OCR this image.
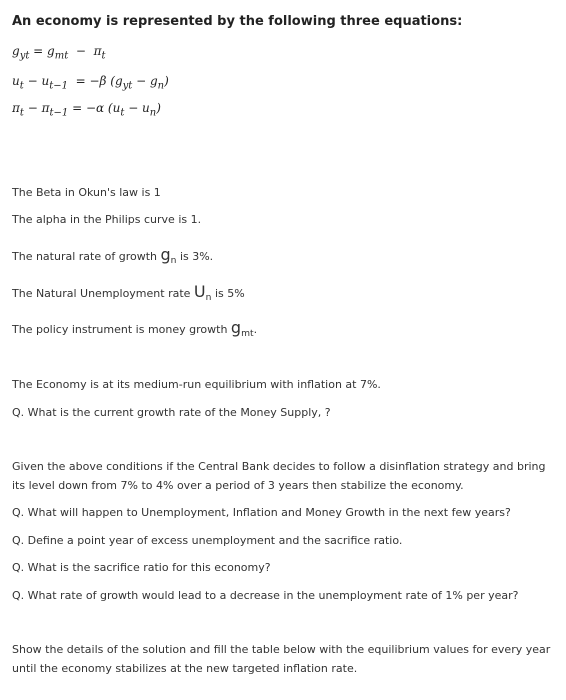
An economy is represented by the following three equations:
$g_{yt} = g_{mt} - \pi_t$
$u_t - u_{t-1} = -\beta$ $(g_{yt} - g_n)$
$\pi_t - \pi_{t-1} = -\alpha$ $(u_t - u_n)$
The Beta in Okun's law is 1
The alpha in the Philips curve is 1.
The natural rate of growth $g_n$ is 3%.
The Natural Unemployment rate $U_n$ is 5%
The policy instrument is money growth $g_{mt}$.
The Economy is at its medium-run equilibrium with inflation at 7%.
Q. What is the current growth rate of the Money Supply, ?
Given the above conditions if the Central Bank decides to follow a disinflation strategy and bring its level down from 7% to 4% over a period of 3 years then stabilize the economy.
Q. What will happen to Unemployment, Inflation and Money Growth in the next few years?
Q. Define a point year of excess unemployment and the sacrifice ratio.
Q. What is the sacrifice ratio for this economy?
Q. What rate of growth would lead to a decrease in the unemployment rate of 1% per year?
Show the details of the solution and fill the table below with the equilibrium values for every year until the economy stabilizes at the new targeted inflation rate.
